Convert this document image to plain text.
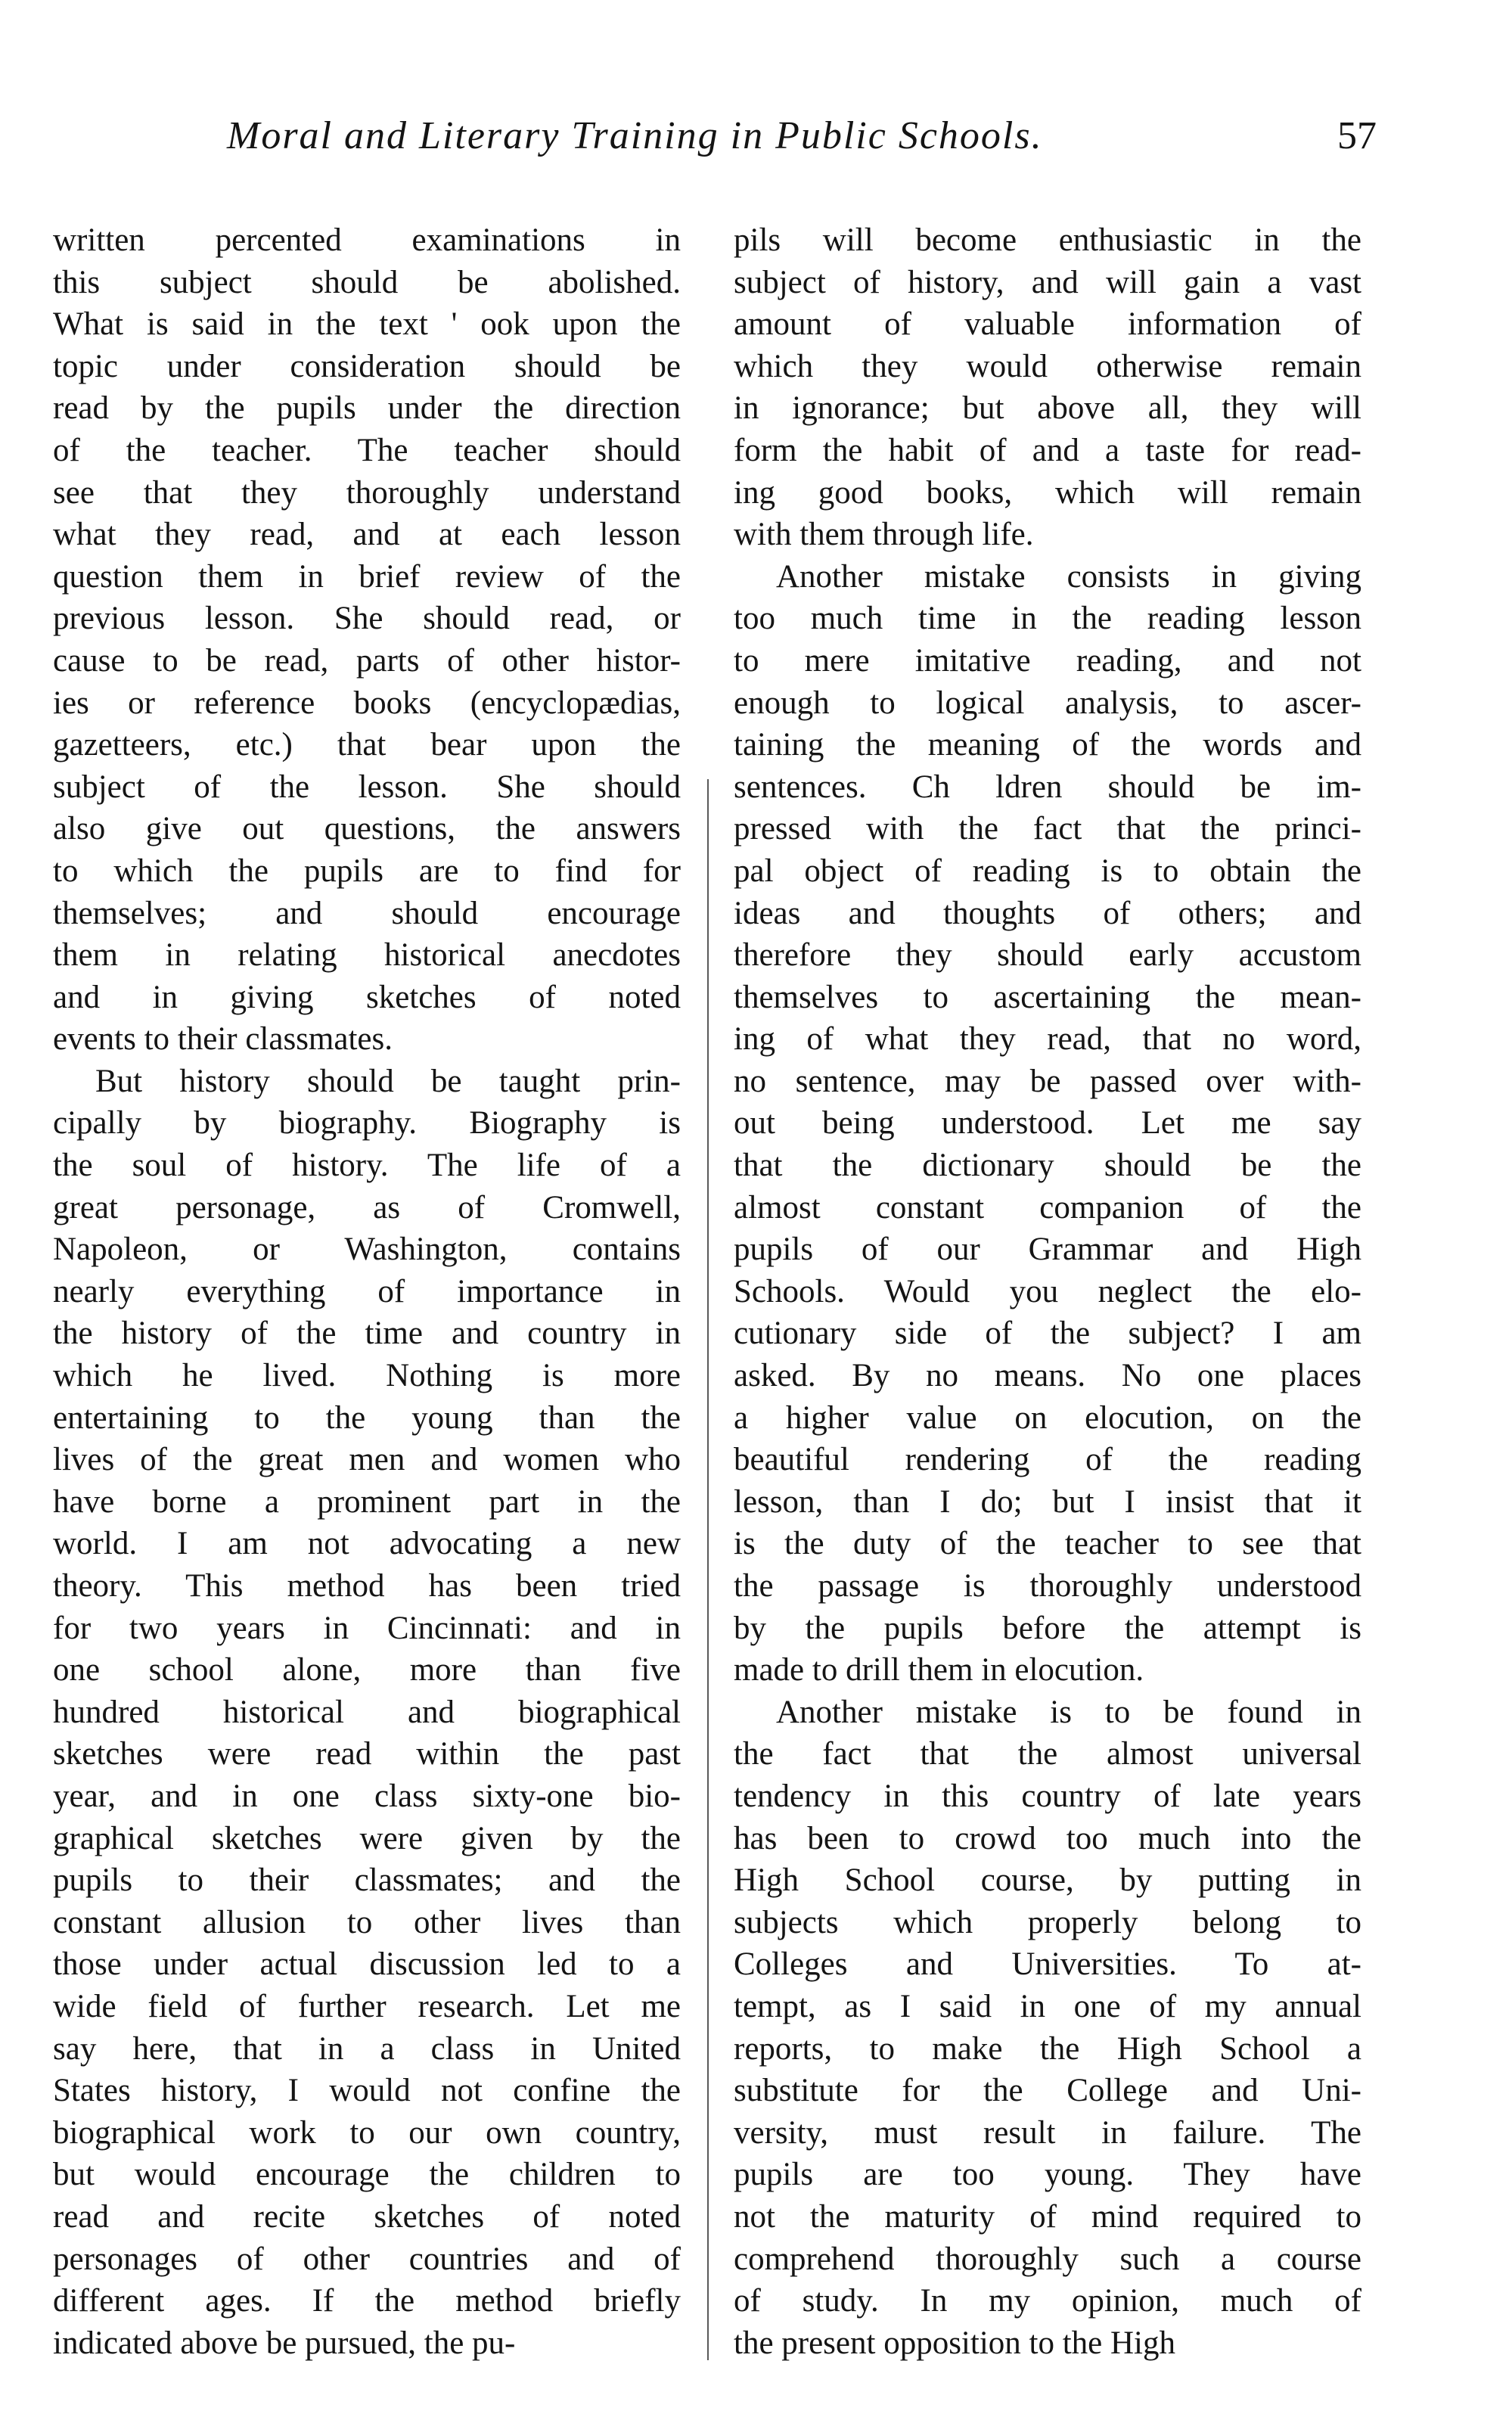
Moral and Literary Training in Public Schools.	57
written percented examinations in
this subject should be abolished.
What is said in the text ' ook upon the
topic under consideration should be
read by the pupils under the direction
of the teacher. The teacher should
see that they thoroughly understand
what they read, and at each lesson
question them in brief review of the
previous lesson. She should read, or
cause to be read, parts of other histor-
ies or reference books (encyclopædias,
gazetteers, etc.) that bear upon the
subject of the lesson. She should
also give out questions, the answers
to which the pupils are to find for
themselves; and should encourage
them in relating historical anecdotes
and in giving sketches of noted
events to their classmates.
But history should be taught prin-
cipally by biography. Biography is
the soul of history. The life of a
great personage, as of Cromwell,
Napoleon, or Washington, contains
nearly everything of importance in
the history of the time and country in
which he lived. Nothing is more
entertaining to the young than the
lives of the great men and women who
have borne a prominent part in the
world. I am not advocating a new
theory. This method has been tried
for two years in Cincinnati: and in
one school alone, more than five
hundred historical and biographical
sketches were read within the past
year, and in one class sixty-one bio-
graphical sketches were given by the
pupils to their classmates; and the
constant allusion to other lives than
those under actual discussion led to a
wide field of further research. Let me
say here, that in a class in United
States history, I would not confine the
biographical work to our own country,
but would encourage the children to
read and recite sketches of noted
personages of other countries and of
different ages. If the method briefly
indicated above be pursued, the pu-
pils will become enthusiastic in the
subject of history, and will gain a vast
amount of valuable information of
which they would otherwise remain
in ignorance; but above all, they will
form the habit of and a taste for read-
ing good books, which will remain
with them through life.
Another mistake consists in giving
too much time in the reading lesson
to mere imitative reading, and not
enough to logical analysis, to ascer-
taining the meaning of the words and
sentences. Ch ldren should be im-
pressed with the fact that the princi-
pal object of reading is to obtain the
ideas and thoughts of others; and
therefore they should early accustom
themselves to ascertaining the mean-
ing of what they read, that no word,
no sentence, may be passed over with-
out being understood. Let me say
that the dictionary should be the
almost constant companion of the
pupils of our Grammar and High
Schools. Would you neglect the elo-
cutionary side of the subject? I am
asked. By no means. No one places
a higher value on elocution, on the
beautiful rendering of the reading
lesson, than I do; but I insist that it
is the duty of the teacher to see that
the passage is thoroughly understood
by the pupils before the attempt is
made to drill them in elocution.
Another mistake is to be found in
the fact that the almost universal
tendency in this country of late years
has been to crowd too much into the
High School course, by putting in
subjects which properly belong to
Colleges and Universities. To at-
tempt, as I said in one of my annual
reports, to make the High School a
substitute for the College and Uni-
versity, must result in failure. The
pupils are too young. They have
not the maturity of mind required to
comprehend thoroughly such a course
of study. In my opinion, much of
the present opposition to the High
